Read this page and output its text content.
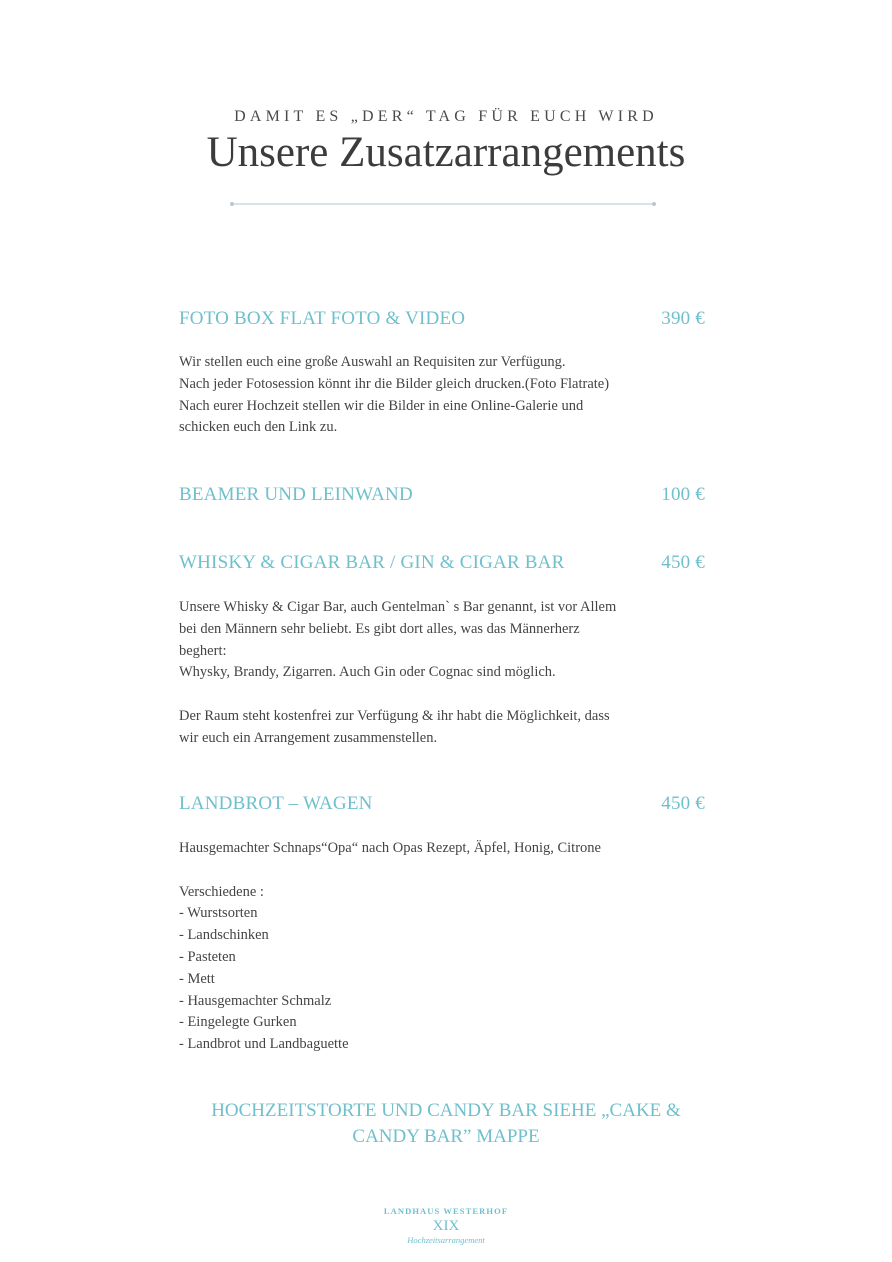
DAMIT ES „DER“ TAG FÜR EUCH WIRD
Unsere Zusatzarrangements
FOTO BOX FLAT FOTO & VIDEO	390 €
Wir stellen euch eine große Auswahl an Requisiten zur Verfügung.
Nach jeder Fotosession könnt ihr die Bilder gleich drucken.(Foto Flatrate)
Nach eurer Hochzeit stellen wir die Bilder in eine Online-Galerie und
schicken euch den Link zu.
BEAMER UND LEINWAND	100 €
WHISKY & CIGAR BAR / GIN & CIGAR BAR	450 €
Unsere Whisky & Cigar Bar, auch Gentelman` s Bar genannt, ist vor Allem
bei den Männern sehr beliebt. Es gibt dort alles, was das Männerherz
beghert:
Whysky, Brandy, Zigarren. Auch Gin oder Cognac sind möglich.
Der Raum steht kostenfrei zur Verfügung & ihr habt die Möglichkeit, dass
wir euch ein Arrangement zusammenstellen.
LANDBROT – WAGEN	450 €
Hausgemachter Schnaps“Opa“ nach Opas Rezept, Äpfel, Honig, Citrone
Verschiedene :
- Wurstsorten
- Landschinken
- Pasteten
- Mett
- Hausgemachter Schmalz
- Eingelegte Gurken
- Landbrot und Landbaguette
HOCHZEITSTORTE UND CANDY BAR SIEHE „CAKE &
CANDY BAR” MAPPE
LANDHAUS WESTERHOF
XIX
Hochzeitsarrangement
